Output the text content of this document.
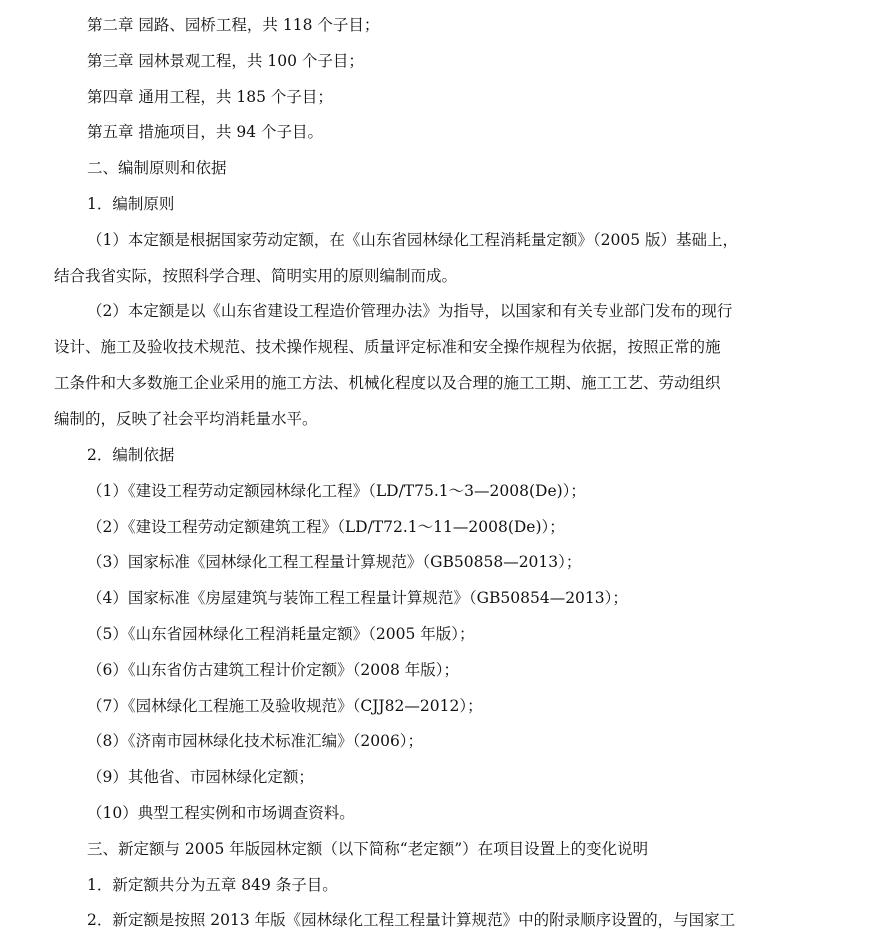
第二章 园路、园桥工程，共 118 个子目；
第三章 园林景观工程，共 100 个子目；
第四章 通用工程，共 185 个子目；
第五章 措施项目，共 94 个子目。
二、编制原则和依据
1．编制原则
（1）本定额是根据国家劳动定额，在《山东省园林绿化工程消耗量定额》（2005 版）基础上，
结合我省实际，按照科学合理、简明实用的原则编制而成。
（2）本定额是以《山东省建设工程造价管理办法》为指导，以国家和有关专业部门发布的现行
设计、施工及验收技术规范、技术操作规程、质量评定标准和安全操作规程为依据，按照正常的施
工条件和大多数施工企业采用的施工方法、机械化程度以及合理的施工工期、施工工艺、劳动组织
编制的，反映了社会平均消耗量水平。
2．编制依据
（1）《建设工程劳动定额园林绿化工程》（LD/T75.1～3—2008(De)）；
（2）《建设工程劳动定额建筑工程》（LD/T72.1～11—2008(De)）；
（3）国家标准《园林绿化工程工程量计算规范》（GB50858—2013）；
（4）国家标准《房屋建筑与装饰工程工程量计算规范》（GB50854—2013）；
（5）《山东省园林绿化工程消耗量定额》（2005 年版）；
（6）《山东省仿古建筑工程计价定额》（2008 年版）；
（7）《园林绿化工程施工及验收规范》（CJJ82—2012）；
（8）《济南市园林绿化技术标准汇编》（2006）；
（9）其他省、市园林绿化定额；
（10）典型工程实例和市场调查资料。
三、新定额与 2005 年版园林定额（以下简称“老定额”）在项目设置上的变化说明
1．新定额共分为五章 849 条子目。
2．新定额是按照 2013 年版《园林绿化工程工程量计算规范》中的附录顺序设置的，与国家工
